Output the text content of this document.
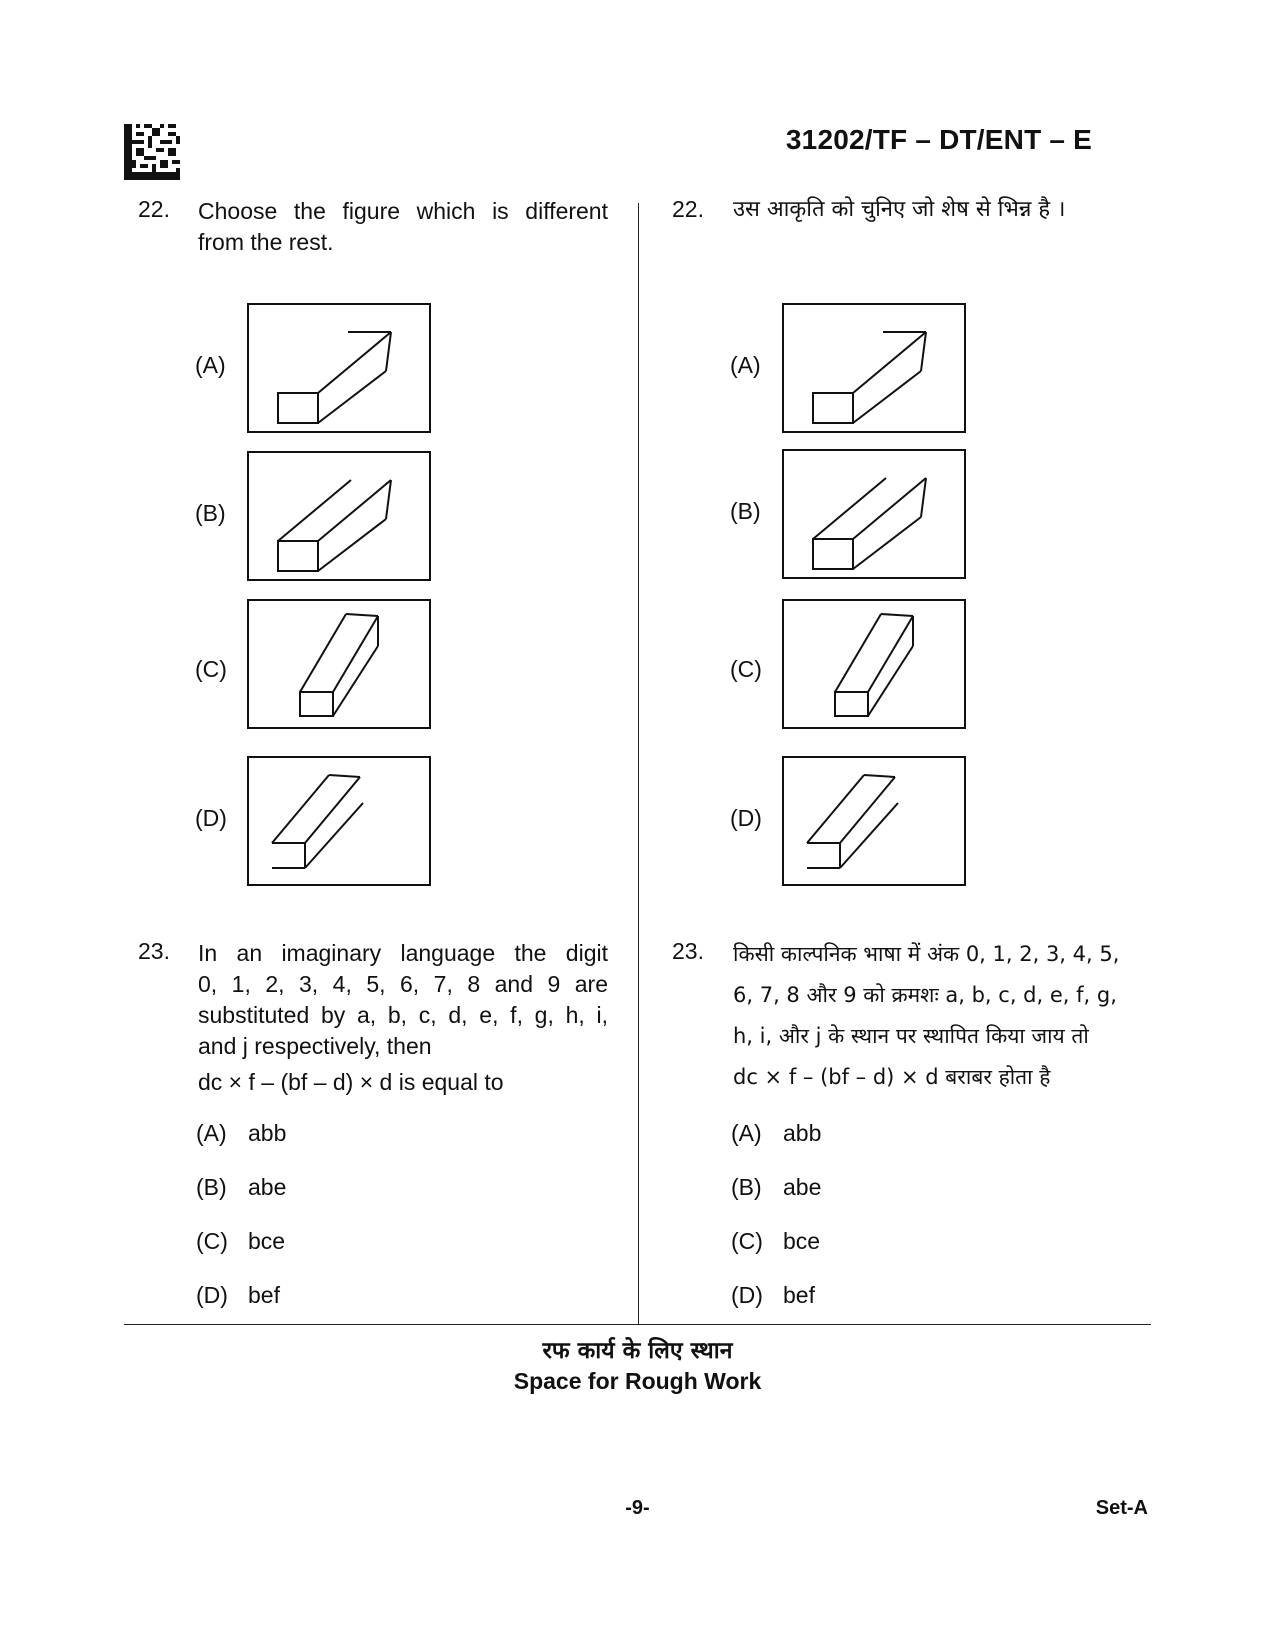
31202/TF – DT/ENT – E
22. Choose the figure which is different from the rest.
(A)
(B)
(C)
(D)
23. In an imaginary language the digit
0, 1, 2, 3, 4, 5, 6, 7, 8 and 9 are
substituted by a, b, c, d, e, f, g, h, i,
and j respectively, then
dc × f – (bf – d) × d is equal to
(A) abb
(B) abe
(C) bce
(D) bef
22. उस आकृति को चुनिए जो शेष से भिन्न है ।
(A)
(B)
(C)
(D)
23. किसी काल्पनिक भाषा में अंक 0, 1, 2, 3, 4, 5,
6, 7, 8 और 9 को क्रमशः a, b, c, d, e, f, g,
h, i, और j के स्थान पर स्थापित किया जाय तो
dc × f – (bf – d) × d बराबर होता है
(A) abb
(B) abe
(C) bce
(D) bef
रफ कार्य के लिए स्थान
Space for Rough Work
-9-	Set-A
